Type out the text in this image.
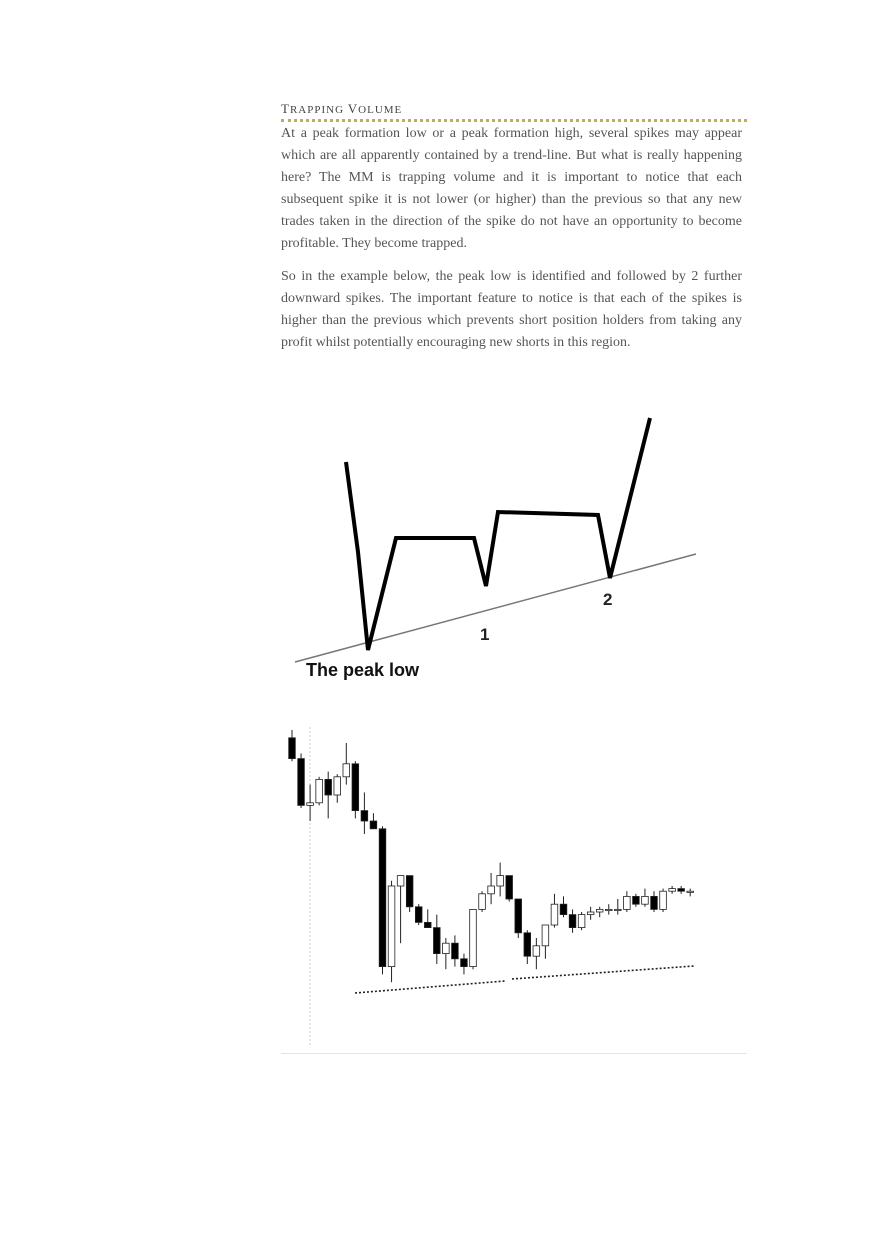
TRAPPING VOLUME

At a peak formation low or a peak formation high, several spikes may appear which are all apparently contained by a trend-line. But what is really happening here? The MM is trapping volume and it is important to notice that each subsequent spike it is not lower (or higher) than the previous so that any new trades taken in the direction of the spike do not have an opportunity to become profitable. They become trapped.

So in the example below, the peak low is identified and followed by 2 further downward spikes. The important feature to notice is that each of the spikes is higher than the previous which prevents short position holders from taking any profit whilst potentially encouraging new shorts in this region.

1
2
The peak low
